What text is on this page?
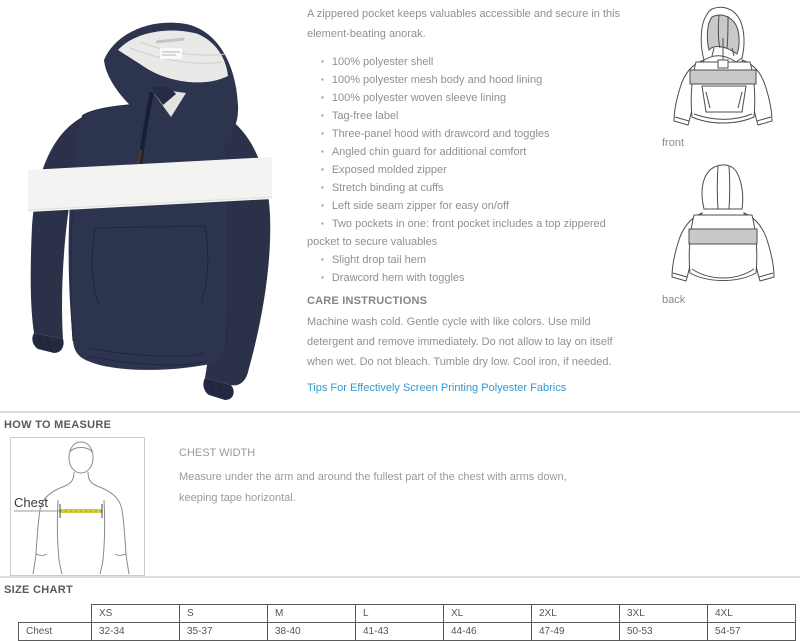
A zippered pocket keeps valuables accessible and secure in this element-beating anorak.

▪ 100% polyester shell
▪ 100% polyester mesh body and hood lining
▪ 100% polyester woven sleeve lining
▪ Tag-free label
▪ Three-panel hood with drawcord and toggles
▪ Angled chin guard for additional comfort
▪ Exposed molded zipper
▪ Stretch binding at cuffs
▪ Left side seam zipper for easy on/off
▪ Two pockets in one: front pocket includes a top zippered pocket to secure valuables
▪ Slight drop tail hem
▪ Drawcord hem with toggles
CARE INSTRUCTIONS

Machine wash cold. Gentle cycle with like colors. Use mild detergent and remove immediately. Do not allow to lay on itself when wet. Do not bleach. Tumble dry low. Cool iron, if needed.

Tips For Effectively Screen Printing Polyester Fabrics
front
back
HOW TO MEASURE
Chest
CHEST WIDTH
Measure under the arm and around the fullest part of the chest with arms down, keeping tape horizontal.
SIZE CHART
	XS	S	M	L	XL	2XL	3XL	4XL
Chest	32-34	35-37	38-40	41-43	44-46	47-49	50-53	54-57
